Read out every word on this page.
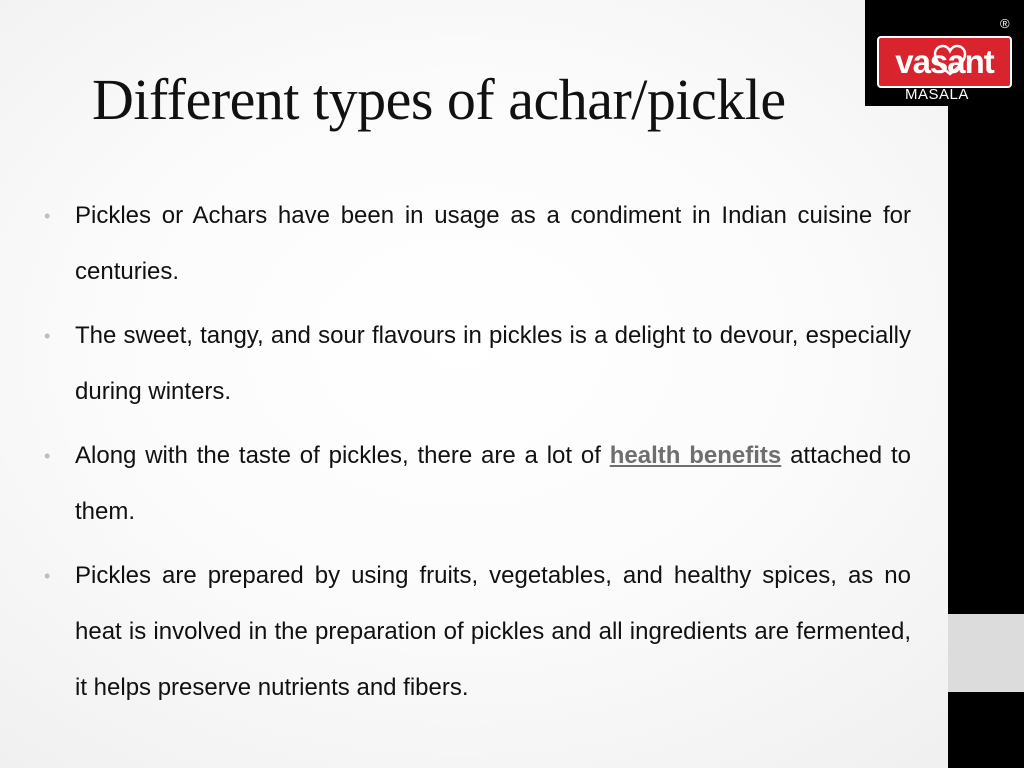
vasant
®
MASALA
Different types of achar/pickle
•	Pickles or Achars have been in usage as a condiment in Indian cuisine for centuries.
•	The sweet, tangy, and sour flavours in pickles is a delight to devour, especially during winters.
•	Along with the taste of pickles, there are a lot of health benefits attached to them.
•	Pickles are prepared by using fruits, vegetables, and healthy spices, as no heat is involved in the preparation of pickles and all ingredients are fermented, it helps preserve nutrients and fibers.
